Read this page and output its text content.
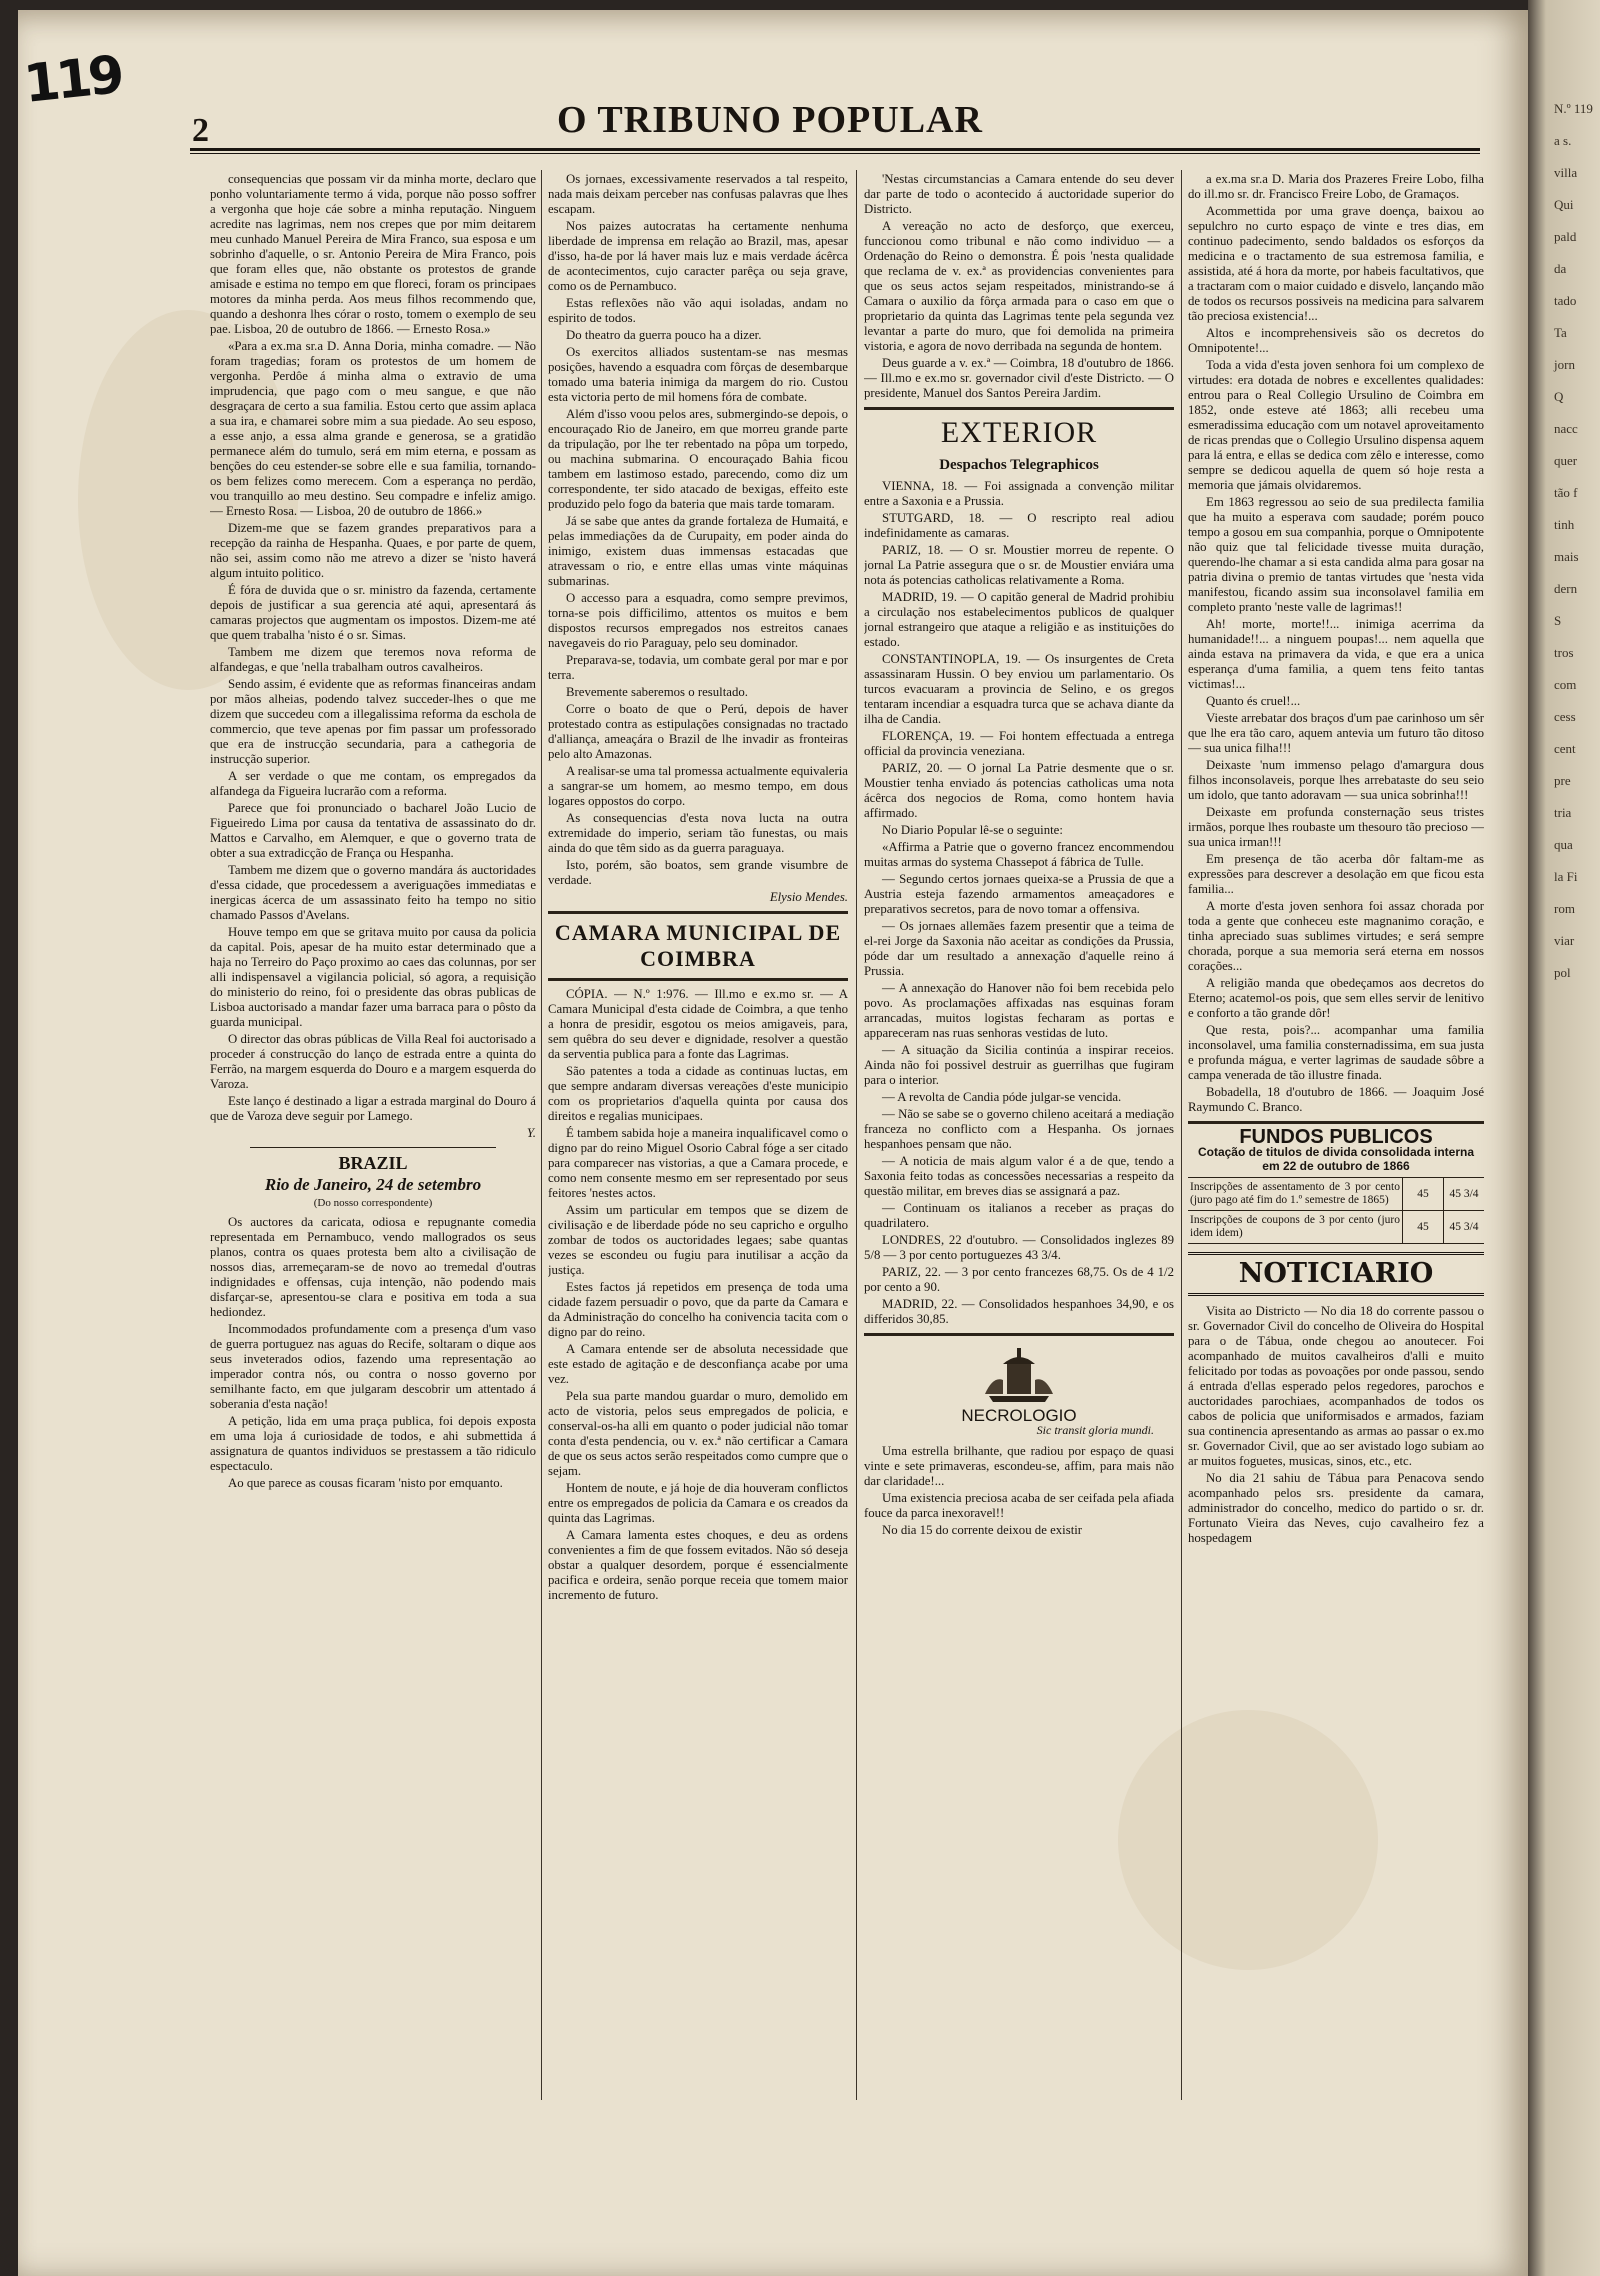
119
2	O TRIBUNO POPULAR

consequencias que possam vir da minha morte, declaro que ponho voluntariamente termo á vida, porque não posso soffrer a vergonha que hoje cáe sobre a minha reputação. Ninguem acredite nas lagrimas, nem nos crepes que por mim deitarem meu cunhado Manuel Pereira de Mira Franco, sua esposa e um sobrinho d'aquelle, o sr. Antonio Pereira de Mira Franco, pois que foram elles que, não obstante os protestos de grande amisade e estima no tempo em que floreci, foram os principaes motores da minha perda. Aos meus filhos recommendo que, quando a deshonra lhes córar o rosto, tomem o exemplo de seu pae. Lisboa, 20 de outubro de 1866. — Ernesto Rosa.»

«Para a ex.ma sr.a D. Anna Doria, minha comadre. — Não foram tragedias; foram os protestos de um homem de vergonha. Perdôe á minha alma o extravio de uma imprudencia, que pago com o meu sangue, e que não desgraçara de certo a sua familia. Estou certo que assim aplaca a sua ira, e chamarei sobre mim a sua piedade. Ao seu esposo, a esse anjo, a essa alma grande e generosa, se a gratidão permanece além do tumulo, será em mim eterna, e possam as benções do ceu estender-se sobre elle e sua familia, tornando-os bem felizes como merecem. Com a esperança no perdão, vou tranquillo ao meu destino. Seu compadre e infeliz amigo. — Ernesto Rosa. — Lisboa, 20 de outubro de 1866.»

Dizem-me que se fazem grandes preparativos para a recepção da rainha de Hespanha. Quaes, e por parte de quem, não sei, assim como não me atrevo a dizer se 'nisto haverá algum intuito politico.

É fóra de duvida que o sr. ministro da fazenda, certamente depois de justificar a sua gerencia até aqui, apresentará ás camaras projectos que augmentam os impostos. Dizem-me até que quem trabalha 'nisto é o sr. Simas.

Tambem me dizem que teremos nova reforma de alfandegas, e que 'nella trabalham outros cavalheiros.

Sendo assim, é evidente que as reformas financeiras andam por mãos alheias, podendo talvez succeder-lhes o que me dizem que succedeu com a illegalissima reforma da eschola de commercio, que teve apenas por fim passar um professorado que era de instrucção secundaria, para a cathegoria de instrucção superior.

A ser verdade o que me contam, os empregados da alfandega da Figueira lucrarão com a reforma.

Parece que foi pronunciado o bacharel João Lucio de Figueiredo Lima por causa da tentativa de assassinato do dr. Mattos e Carvalho, em Alemquer, e que o governo trata de obter a sua extradicção de França ou Hespanha.

Tambem me dizem que o governo mandára ás auctoridades d'essa cidade, que procedessem a averiguações immediatas e inergicas ácerca de um assassinato feito ha tempo no sitio chamado Passos d'Avelans.

Houve tempo em que se gritava muito por causa da policia da capital. Pois, apesar de ha muito estar determinado que a haja no Terreiro do Paço proximo ao caes das colunnas, por ser alli indispensavel a vigilancia policial, só agora, a requisição do ministerio do reino, foi o presidente das obras publicas de Lisboa auctorisado a mandar fazer uma barraca para o pôsto da guarda municipal.

O director das obras públicas de Villa Real foi auctorisado a proceder á construcção do lanço de estrada entre a quinta do Ferrão, na margem esquerda do Douro e a margem esquerda do Varoza.

Este lanço é destinado a ligar a estrada marginal do Douro á que de Varoza deve seguir por Lamego.

Y.
BRAZIL
Rio de Janeiro, 24 de setembro
(Do nosso correspondente)

Os auctores da caricata, odiosa e repugnante comedia representada em Pernambuco, vendo mallogrados os seus planos, contra os quaes protesta bem alto a civilisação de nossos dias, arremeçaram-se de novo ao tremedal d'outras indignidades e offensas, cuja intenção, não podendo mais disfarçar-se, apresentou-se clara e positiva em toda a sua hediondez.

Incommodados profundamente com a presença d'um vaso de guerra portuguez nas aguas do Recife, soltaram o dique aos seus inveterados odios, fazendo uma representação ao imperador contra nós, ou contra o nosso governo por semilhante facto, em que julgaram descobrir um attentado á soberania d'esta nação!

A petição, lida em uma praça publica, foi depois exposta em uma loja á curiosidade de todos, e ahi submettida á assignatura de quantos individuos se prestassem a tão ridiculo espectaculo.

Ao que parece as cousas ficaram 'nisto por emquanto.

Os jornaes, excessivamente reservados a tal respeito, nada mais deixam perceber nas confusas palavras que lhes escapam.

Nos paizes autocratas ha certamente nenhuma liberdade de imprensa em relação ao Brazil, mas, apesar d'isso, ha-de por lá haver mais luz e mais verdade ácêrca de acontecimentos, cujo caracter parêça ou seja grave, como os de Pernambuco.

Estas reflexões não vão aqui isoladas, andam no espirito de todos.

Do theatro da guerra pouco ha a dizer.

Os exercitos alliados sustentam-se nas mesmas posições, havendo a esquadra com fôrças de desembarque tomado uma bateria inimiga da margem do rio. Custou esta victoria perto de mil homens fóra de combate.

Além d'isso voou pelos ares, submergindo-se depois, o encouraçado Rio de Janeiro, em que morreu grande parte da tripulação, por lhe ter rebentado na pôpa um torpedo, ou machina submarina. O encouraçado Bahia ficou tambem em lastimoso estado, parecendo, como diz um correspondente, ter sido atacado de bexigas, effeito este produzido pelo fogo da bateria que mais tarde tomaram.

Já se sabe que antes da grande fortaleza de Humaitá, e pelas immediações da de Curupaity, em poder ainda do inimigo, existem duas immensas estacadas que atravessam o rio, e entre ellas umas vinte máquinas submarinas.

O accesso para a esquadra, como sempre previmos, torna-se pois difficilimo, attentos os muitos e bem dispostos recursos empregados nos estreitos canaes navegaveis do rio Paraguay, pelo seu dominador.

Preparava-se, todavia, um combate geral por mar e por terra.

Brevemente saberemos o resultado.

Corre o boato de que o Perú, depois de haver protestado contra as estipulações consignadas no tractado d'alliança, ameaçára o Brazil de lhe invadir as fronteiras pelo alto Amazonas.

A realisar-se uma tal promessa actualmente equivaleria a sangrar-se um homem, ao mesmo tempo, em dous logares oppostos do corpo.

As consequencias d'esta nova lucta na outra extremidade do imperio, seriam tão funestas, ou mais ainda do que têm sido as da guerra paraguaya.

Isto, porém, são boatos, sem grande visumbre de verdade.

Elysio Mendes.
CAMARA MUNICIPAL DE COIMBRA

CÓPIA. — N.º 1:976. — Ill.mo e ex.mo sr. — A Camara Municipal d'esta cidade de Coimbra, a que tenho a honra de presidir, esgotou os meios amigaveis, para, sem quêbra do seu dever e dignidade, resolver a questão da serventia publica para a fonte das Lagrimas.

São patentes a toda a cidade as continuas luctas, em que sempre andaram diversas vereações d'este municipio com os proprietarios d'aquella quinta por causa dos direitos e regalias municipaes.

É tambem sabida hoje a maneira inqualificavel como o digno par do reino Miguel Osorio Cabral fóge a ser citado para comparecer nas vistorias, a que a Camara procede, e como nem consente mesmo em ser representado por seus feitores 'nestes actos.

Assim um particular em tempos que se dizem de civilisação e de liberdade póde no seu capricho e orgulho zombar de todos os auctoridades legaes; sabe quantas vezes se escondeu ou fugiu para inutilisar a acção da justiça.

Estes factos já repetidos em presença de toda uma cidade fazem persuadir o povo, que da parte da Camara e da Administração do concelho ha conivencia tacita com o digno par do reino.

A Camara entende ser de absoluta necessidade que este estado de agitação e de desconfiança acabe por uma vez.

Pela sua parte mandou guardar o muro, demolido em acto de vistoria, pelos seus empregados de policia, e conserval-os-ha alli em quanto o poder judicial não tomar conta d'esta pendencia, ou v. ex.ª não certificar a Camara de que os seus actos serão respeitados como cumpre que o sejam.

Hontem de noute, e já hoje de dia houveram conflictos entre os empregados de policia da Camara e os creados da quinta das Lagrimas.

A Camara lamenta estes choques, e deu as ordens convenientes a fim de que fossem evitados. Não só deseja obstar a qualquer desordem, porque é essencialmente pacifica e ordeira, senão porque receia que tomem maior incremento de futuro.

'Nestas circumstancias a Camara entende do seu dever dar parte de todo o acontecido á auctoridade superior do Districto.

A vereação no acto de desforço, que exerceu, funccionou como tribunal e não como individuo — a Ordenação do Reino o demonstra. É pois 'nesta qualidade que reclama de v. ex.ª as providencias convenientes para que os seus actos sejam respeitados, ministrando-se á Camara o auxilio da fôrça armada para o caso em que o proprietario da quinta das Lagrimas tente pela segunda vez levantar a parte do muro, que foi demolida na primeira vistoria, e agora de novo derribada na segunda de hontem.

Deus guarde a v. ex.ª — Coimbra, 18 d'outubro de 1866. — Ill.mo e ex.mo sr. governador civil d'este Districto. — O presidente, Manuel dos Santos Pereira Jardim.

EXTERIOR
Despachos Telegraphicos

VIENNA, 18. — Foi assignada a convenção militar entre a Saxonia e a Prussia.

STUTGARD, 18. — O rescripto real adiou indefinidamente as camaras.

PARIZ, 18. — O sr. Moustier morreu de repente. O jornal La Patrie assegura que o sr. de Moustier enviára uma nota ás potencias catholicas relativamente a Roma.

MADRID, 19. — O capitão general de Madrid prohibiu a circulação nos estabelecimentos publicos de qualquer jornal estrangeiro que ataque a religião e as instituições do estado.

CONSTANTINOPLA, 19. — Os insurgentes de Creta assassinaram Hussin. O bey enviou um parlamentario. Os turcos evacuaram a provincia de Selino, e os gregos tentaram incendiar a esquadra turca que se achava diante da ilha de Candia.

FLORENÇA, 19. — Foi hontem effectuada a entrega official da provincia veneziana.

PARIZ, 20. — O jornal La Patrie desmente que o sr. Moustier tenha enviado ás potencias catholicas uma nota ácêrca dos negocios de Roma, como hontem havia affirmado.

No Diario Popular lê-se o seguinte:

«Affirma a Patrie que o governo francez encommendou muitas armas do systema Chassepot á fábrica de Tulle.

— Segundo certos jornaes queixa-se a Prussia de que a Austria esteja fazendo armamentos ameaçadores e preparativos secretos, para de novo tomar a offensiva.

— Os jornaes allemães fazem presentir que a teima de el-rei Jorge da Saxonia não aceitar as condições da Prussia, póde dar um resultado a annexação d'aquelle reino á Prussia.

— A annexação do Hanover não foi bem recebida pelo povo. As proclamações affixadas nas esquinas foram arrancadas, muitos logistas fecharam as portas e appareceram nas ruas senhoras vestidas de luto.

— A situação da Sicilia continúa a inspirar receios. Ainda não foi possivel destruir as guerrilhas que fugiram para o interior.

— A revolta de Candia póde julgar-se vencida.

— Não se sabe se o governo chileno aceitará a mediação franceza no conflicto com a Hespanha. Os jornaes hespanhoes pensam que não.

— A noticia de mais algum valor é a de que, tendo a Saxonia feito todas as concessões necessarias a respeito da questão militar, em breves dias se assignará a paz.

— Continuam os italianos a receber as praças do quadrilatero.

LONDRES, 22 d'outubro. — Consolidados inglezes 89 5/8 — 3 por cento portuguezes 43 3/4.

PARIZ, 22. — 3 por cento francezes 68,75. Os de 4 1/2 por cento a 90.

MADRID, 22. — Consolidados hespanhoes 34,90, e os differidos 30,85.

NECROLOGIO
Sic transit gloria mundi.

Uma estrella brilhante, que radiou por espaço de quasi vinte e sete primaveras, escondeu-se, affim, para mais não dar claridade!...

Uma existencia preciosa acaba de ser ceifada pela afiada fouce da parca inexoravel!!

No dia 15 do corrente deixou de existir

a ex.ma sr.a D. Maria dos Prazeres Freire Lobo, filha do ill.mo sr. dr. Francisco Freire Lobo, de Gramaços.

Acommettida por uma grave doença, baixou ao sepulchro no curto espaço de vinte e tres dias, em continuo padecimento, sendo baldados os esforços da medicina e o tractamento de sua estremosa familia, e assistida, até á hora da morte, por habeis facultativos, que a tractaram com o maior cuidado e disvelo, lançando mão de todos os recursos possiveis na medicina para salvarem tão preciosa existencia!...

Altos e incomprehensiveis são os decretos do Omnipotente!...

Toda a vida d'esta joven senhora foi um complexo de virtudes: era dotada de nobres e excellentes qualidades: entrou para o Real Collegio Ursulino de Coimbra em 1852, onde esteve até 1863; alli recebeu uma esmeradissima educação com um notavel aproveitamento de ricas prendas que o Collegio Ursulino dispensa aquem para lá entra, e ellas se dedica com zêlo e interesse, como sempre se dedicou aquella de quem só hoje resta a memoria que jámais olvidaremos.

Em 1863 regressou ao seio de sua predilecta familia que ha muito a esperava com saudade; porém pouco tempo a gosou em sua companhia, porque o Omnipotente não quiz que tal felicidade tivesse muita duração, querendo-lhe chamar a si esta candida alma para gosar na patria divina o premio de tantas virtudes que 'nesta vida manifestou, ficando assim sua inconsolavel familia em completo pranto 'neste valle de lagrimas!!

Ah! morte, morte!!... inimiga acerrima da humanidade!!... a ninguem poupas!... nem aquella que ainda estava na primavera da vida, e que era a unica esperança d'uma familia, a quem tens feito tantas victimas!...

Quanto és cruel!...

Vieste arrebatar dos braços d'um pae carinhoso um sêr que lhe era tão caro, aquem antevia um futuro tão ditoso — sua unica filha!!!

Deixaste 'num immenso pelago d'amargura dous filhos inconsolaveis, porque lhes arrebataste do seu seio um idolo, que tanto adoravam — sua unica sobrinha!!!

Deixaste em profunda consternação seus tristes irmãos, porque lhes roubaste um thesouro tão precioso — sua unica irman!!!

Em presença de tão acerba dôr faltam-me as expressões para descrever a desolação em que ficou esta familia...

A morte d'esta joven senhora foi assaz chorada por toda a gente que conheceu este magnanimo coração, e tinha apreciado suas sublimes virtudes; e será sempre chorada, porque a sua memoria será eterna em nossos corações...

A religião manda que obedeçamos aos decretos do Eterno; acatemol-os pois, que sem elles servir de lenitivo e conforto a tão grande dôr!

Que resta, pois?... acompanhar uma familia inconsolavel, uma familia consternadissima, em sua justa e profunda mágua, e verter lagrimas de saudade sôbre a campa venerada de tão illustre finada.

Bobadella, 18 d'outubro de 1866. — Joaquim José Raymundo C. Branco.

FUNDOS PUBLICOS
Cotação de titulos de divida consolidada interna em 22 de outubro de 1866
Inscripções de assentamento de 3 por cento (juro pago até fim do 1.º semestre de 1865)	45	45 3/4
Inscripções de coupons de 3 por cento (juro idem idem)	45	45 3/4
NOTICIARIO

Visita ao Districto — No dia 18 do corrente passou o sr. Governador Civil do concelho de Oliveira do Hospital para o de Tábua, onde chegou ao anoutecer. Foi acompanhado de muitos cavalheiros d'alli e muito felicitado por todas as povoações por onde passou, sendo á entrada d'ellas esperado pelos regedores, parochos e auctoridades parochiaes, acompanhados de todos os cabos de policia que uniformisados e armados, faziam sua continencia apresentando as armas ao passar o ex.mo sr. Governador Civil, que ao ser avistado logo subiam ao ar muitos foguetes, musicas, sinos, etc., etc.

No dia 21 sahiu de Tábua para Penacova sendo acompanhado pelos srs. presidente da camara, administrador do concelho, medico do partido o sr. dr. Fortunato Vieira das Neves, cujo cavalheiro fez a hospedagem

N.º 119
a s.
villa
Qui
pald
da
tado
Ta
jorn
Q
nacc
quer
tão f
tinh
mais
dern
S
tros
com
cess
cent
pre
tria
qua
la Fi
rom
viar
pol
